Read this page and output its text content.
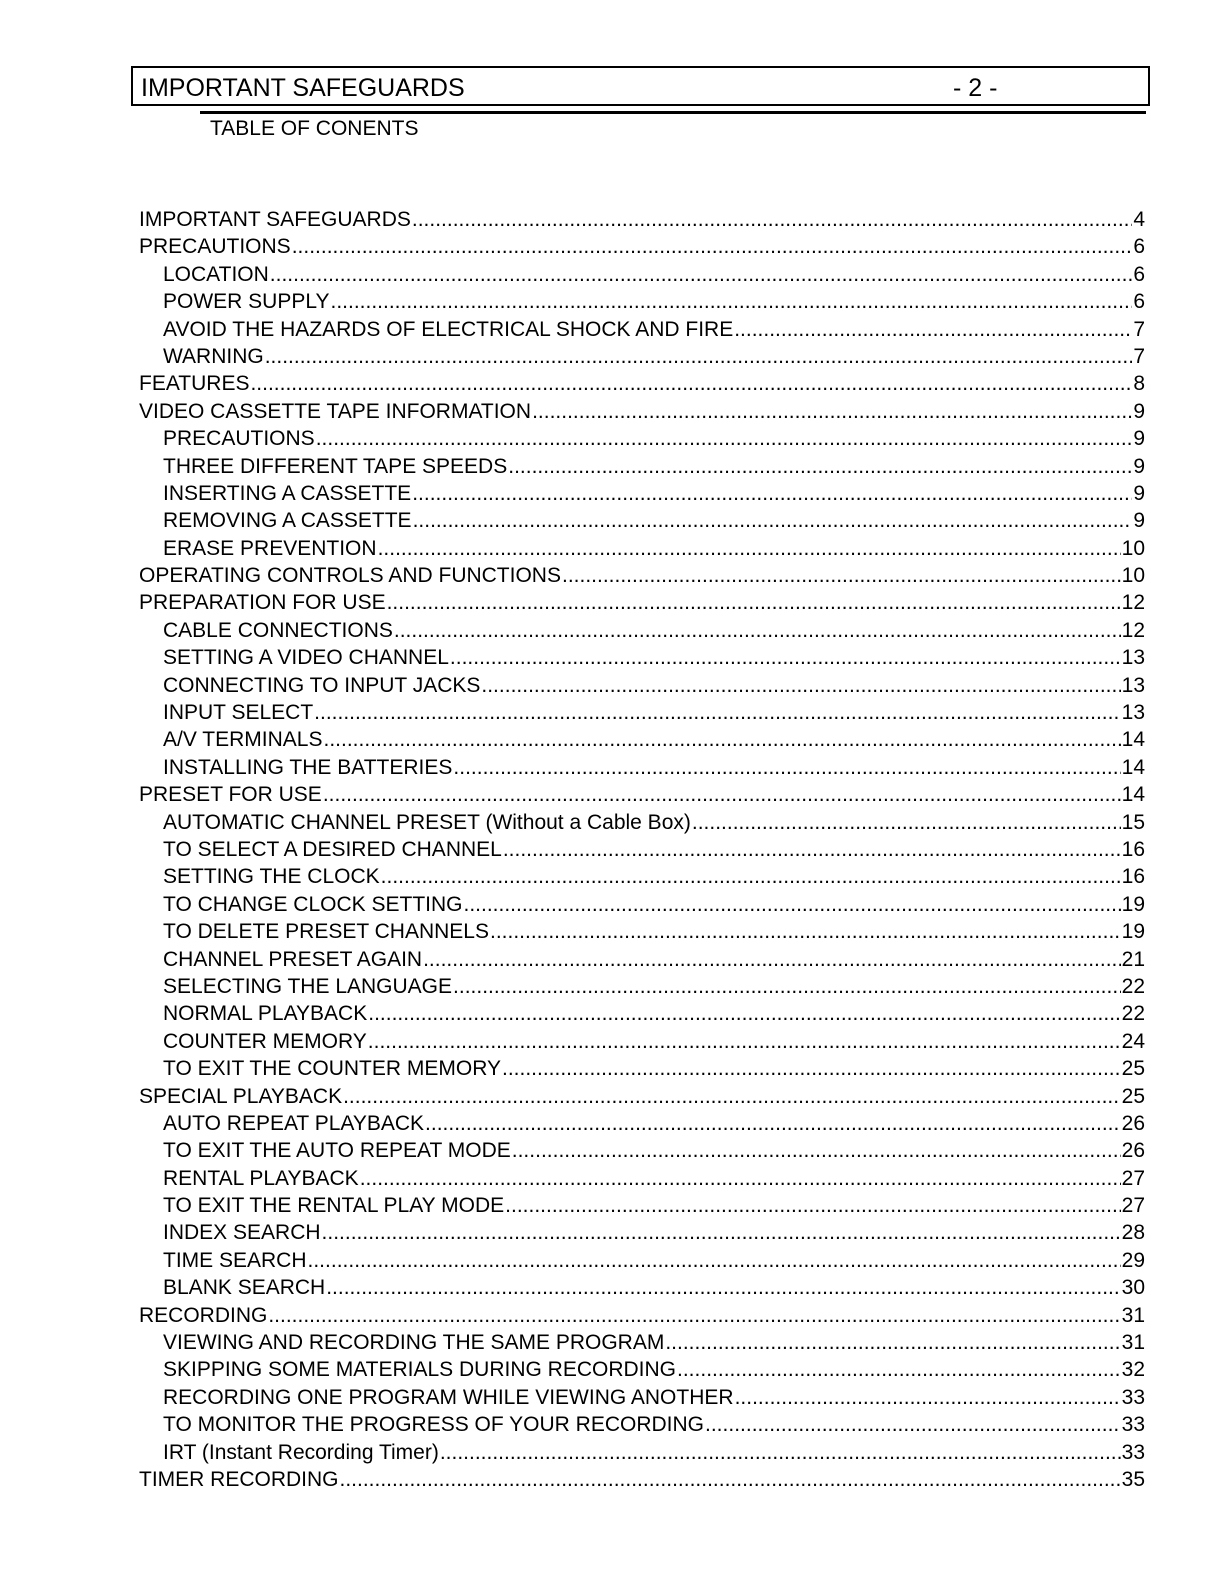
IMPORTANT SAFEGUARDS	- 2 -
TABLE OF CONENTS
IMPORTANT SAFEGUARDS .....	4
PRECAUTIONS .....	6
LOCATION .....	6
POWER SUPPLY .....	6
AVOID THE HAZARDS OF ELECTRICAL SHOCK AND FIRE .....	7
WARNING .....	7
FEATURES .....	8
VIDEO CASSETTE TAPE INFORMATION .....	9
PRECAUTIONS .....	9
THREE DIFFERENT TAPE SPEEDS .....	9
INSERTING A CASSETTE .....	9
REMOVING A CASSETTE .....	9
ERASE PREVENTION .....	10
OPERATING CONTROLS AND FUNCTIONS .....	10
PREPARATION FOR USE .....	12
CABLE CONNECTIONS .....	12
SETTING A VIDEO CHANNEL .....	13
CONNECTING TO INPUT JACKS .....	13
INPUT SELECT .....	13
A/V TERMINALS .....	14
INSTALLING THE BATTERIES .....	14
PRESET FOR USE .....	14
AUTOMATIC CHANNEL PRESET (Without a Cable Box) .....	15
TO SELECT A DESIRED CHANNEL .....	16
SETTING THE CLOCK .....	16
TO CHANGE CLOCK SETTING .....	19
TO DELETE PRESET CHANNELS .....	19
CHANNEL PRESET AGAIN .....	21
SELECTING THE LANGUAGE .....	22
NORMAL PLAYBACK .....	22
COUNTER MEMORY .....	24
TO EXIT THE COUNTER MEMORY .....	25
SPECIAL PLAYBACK .....	25
AUTO REPEAT PLAYBACK .....	26
TO EXIT THE AUTO REPEAT MODE .....	26
RENTAL PLAYBACK .....	27
TO EXIT THE RENTAL PLAY MODE .....	27
INDEX SEARCH .....	28
TIME SEARCH .....	29
BLANK SEARCH .....	30
RECORDING .....	31
VIEWING AND RECORDING THE SAME PROGRAM .....	31
SKIPPING SOME MATERIALS DURING RECORDING .....	32
RECORDING ONE PROGRAM WHILE VIEWING ANOTHER .....	33
TO MONITOR THE PROGRESS OF YOUR RECORDING .....	33
IRT (Instant Recording Timer) .....	33
TIMER RECORDING .....	35
